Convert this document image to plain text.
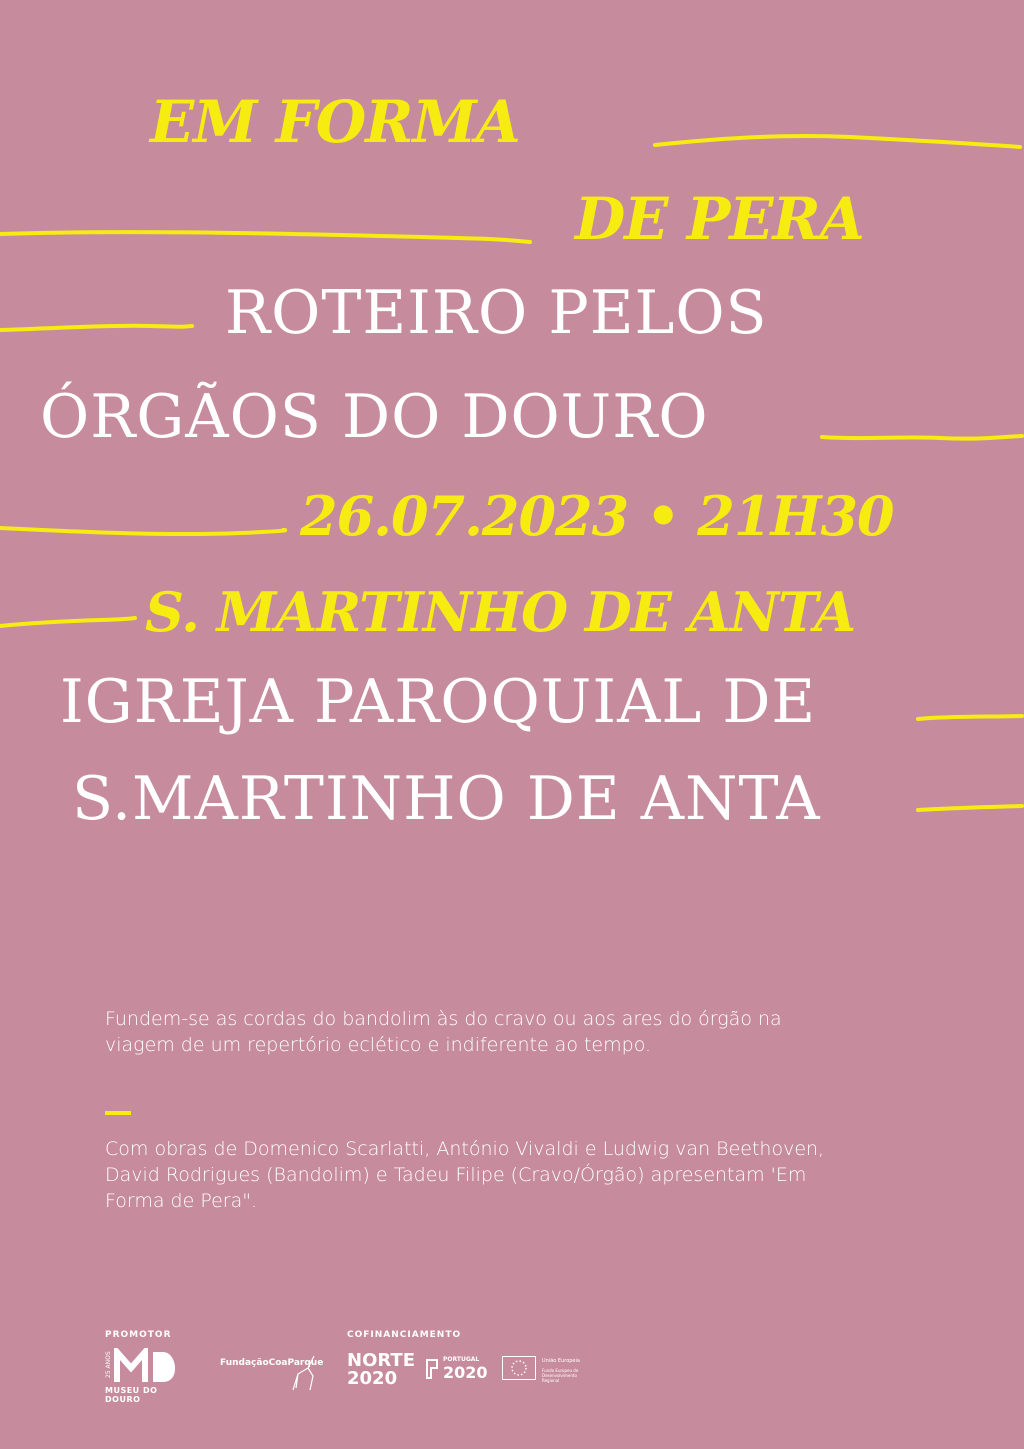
EM FORMA
DE PERA
ROTEIRO PELOS
ÓRGÃOS DO DOURO
26.07.2023 • 21H30
S. MARTINHO DE ANTA
IGREJA PAROQUIAL DE
S.MARTINHO DE ANTA
Fundem-se as cordas do bandolim às do cravo ou aos ares do órgão na viagem de um repertório eclético e indiferente ao tempo.
Com obras de Domenico Scarlatti, António Vivaldi e Ludwig van Beethoven, David Rodrigues (Bandolim) e Tadeu Filipe (Cravo/Órgão) apresentam 'Em Forma de Pera".
PROMOTOR	COFINANCIAMENTO
25 ANOS
MUSEU DO DOURO
FundaçãoCoaParque NORTE
2020
PORTUGAL
2020
União Europeia
Fundo Europeu de Desenvolvimento Regional
